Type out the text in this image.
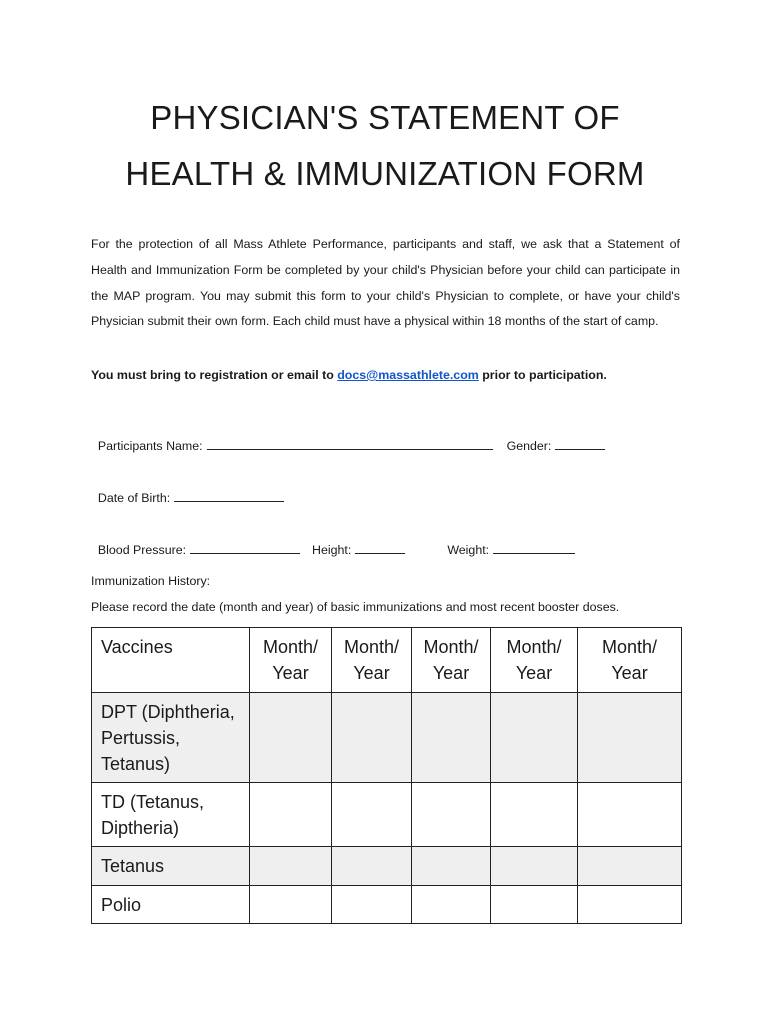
PHYSICIAN'S STATEMENT OF
HEALTH & IMMUNIZATION FORM
For the protection of all Mass Athlete Performance, participants and staff, we ask that a Statement of Health and Immunization Form be completed by your child's Physician before your child can participate in the MAP program. You may submit this form to your child's Physician to complete, or have your child's Physician submit their own form. Each child must have a physical within 18 months of the start of camp.
You must bring to registration or email to docs@massathlete.com prior to participation.

Participants Name:	Gender:

Date of Birth:

Blood Pressure:	Height:	Weight:

Immunization History:
Please record the date (month and year) of basic immunizations and most recent booster doses.
Vaccines	Month/ Year	Month/ Year	Month/ Year	Month/ Year	Month/ Year
DPT (Diphtheria, Pertussis, Tetanus)					
TD (Tetanus, Diptheria)					
Tetanus					
Polio					
